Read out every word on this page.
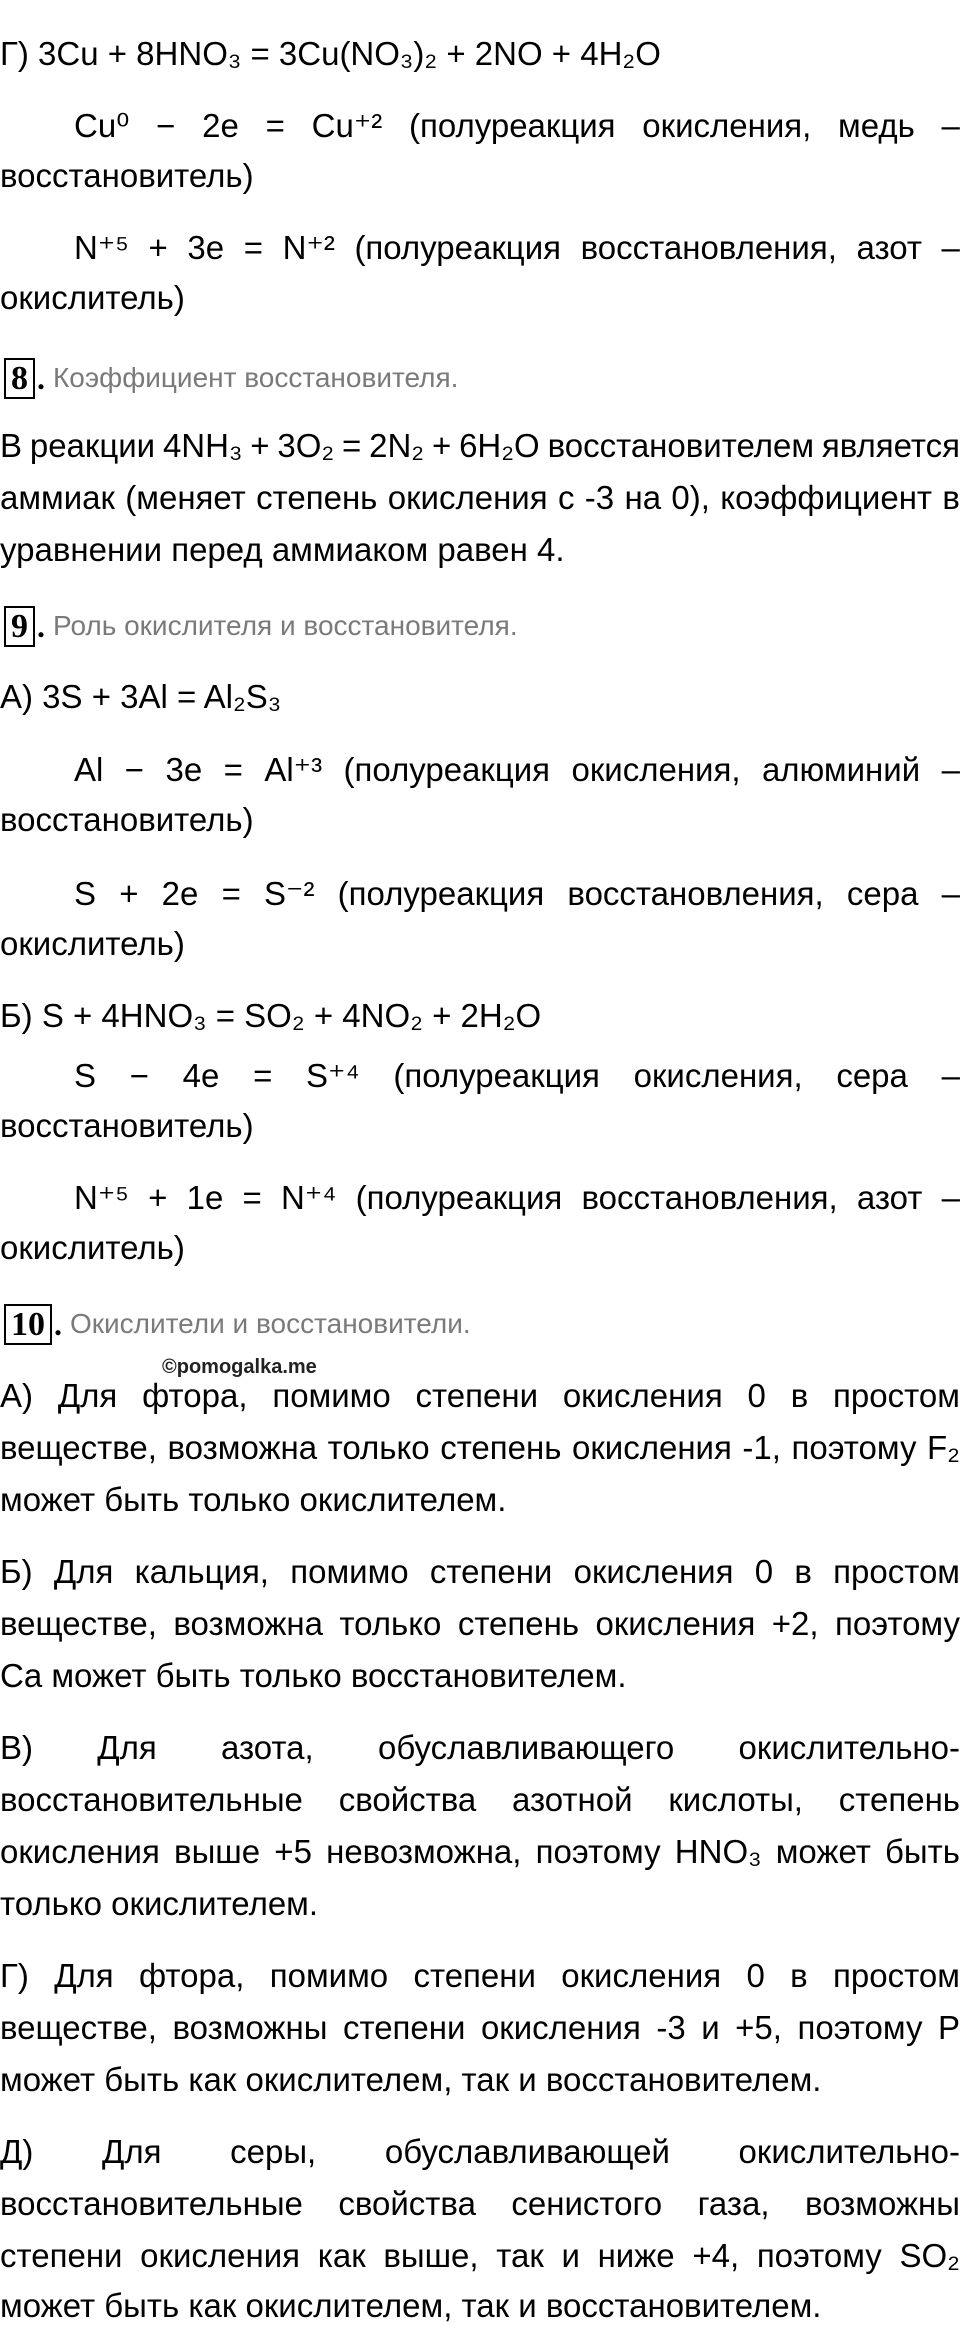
Г) 3Cu + 8HNO₃ = 3Cu(NO₃)₂ + 2NO + 4H₂O
Cu⁰ − 2e = Cu⁺² (полуреакция окисления, медь –
восстановитель)
N⁺⁵ + 3e = N⁺² (полуреакция восстановления, азот –
окислитель)
8 . Коэффициент восстановителя.
В реакции 4NH₃ + 3O₂ = 2N₂ + 6H₂O восстановителем является
аммиак (меняет степень окисления с -3 на 0), коэффициент в
уравнении перед аммиаком равен 4.
9 . Роль окислителя и восстановителя.
А) 3S + 3Al = Al₂S₃
Al − 3e = Al⁺³ (полуреакция окисления, алюминий –
восстановитель)
S + 2e = S⁻² (полуреакция восстановления, сера –
окислитель)
Б) S + 4HNO₃ = SO₂ + 4NO₂ + 2H₂O
S − 4e = S⁺⁴ (полуреакция окисления, сера –
восстановитель)
N⁺⁵ + 1e = N⁺⁴ (полуреакция восстановления, азот –
окислитель)
10 . Окислители и восстановители.
©pomogalka.me
А) Для фтора, помимо степени окисления 0 в простом
веществе, возможна только степень окисления -1, поэтому F₂
может быть только окислителем.
Б) Для кальция, помимо степени окисления 0 в простом
веществе, возможна только степень окисления +2, поэтому
Ca может быть только восстановителем.
В) Для азота, обуславливающего окислительно-
восстановительные свойства азотной кислоты, степень
окисления выше +5 невозможна, поэтому HNO₃ может быть
только окислителем.
Г) Для фтора, помимо степени окисления 0 в простом
веществе, возможны степени окисления -3 и +5, поэтому P
может быть как окислителем, так и восстановителем.
Д) Для серы, обуславливающей окислительно-
восстановительные свойства сенистого газа, возможны
степени окисления как выше, так и ниже +4, поэтому SO₂
может быть как окислителем, так и восстановителем.
